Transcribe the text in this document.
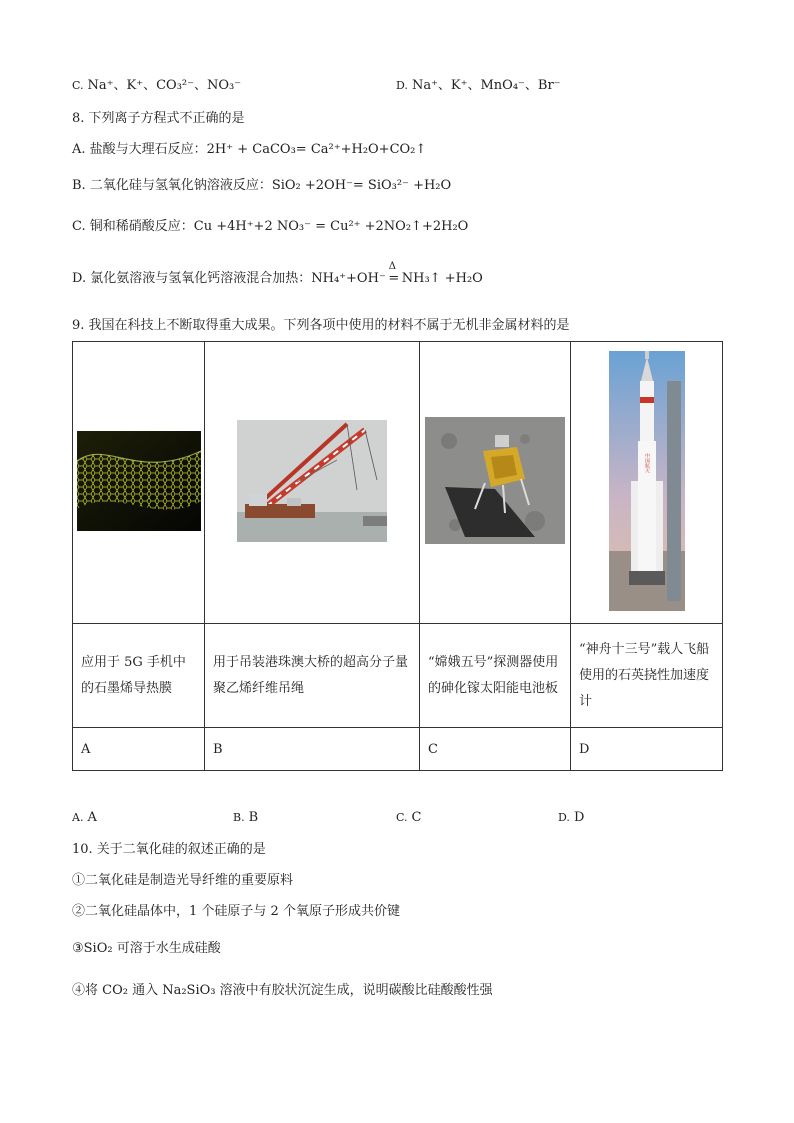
C. Na⁺、K⁺、CO₃²⁻、NO₃⁻	D. Na⁺、K⁺、MnO₄⁻、Br⁻
8. 下列离子方程式不正确的是
A. 盐酸与大理石反应：2H⁺ + CaCO₃= Ca²⁺+H₂O+CO₂↑
B. 二氧化硅与氢氧化钠溶液反应：SiO₂ +2OH⁻= SiO₃²⁻ +H₂O
C. 铜和稀硝酸反应：Cu +4H⁺+2 NO₃⁻ = Cu²⁺ +2NO₂↑+2H₂O
D. 氯化氨溶液与氢氧化钙溶液混合加热：NH₄⁺+OH⁻
Δ
= NH₃↑ +H₂O
9. 我国在科技上不断取得重大成果。下列各项中使用的材料不属于无机非金属材料的是

中国航天

应用于 5G 手机中的石墨烯导热膜	用于吊装港珠澳大桥的超高分子量聚乙烯纤维吊绳	“嫦娥五号”探测器使用的砷化镓太阳能电池板	“神舟十三号”载人飞船使用的石英挠性加速度计
A	B	C	D
A. A	B. B	C. C	D. D
10. 关于二氧化硅的叙述正确的是
①二氧化硅是制造光导纤维的重要原料
②二氧化硅晶体中，1 个硅原子与 2 个氧原子形成共价键
③SiO₂ 可溶于水生成硅酸
④将 CO₂ 通入 Na₂SiO₃ 溶液中有胶状沉淀生成，说明碳酸比硅酸酸性强
